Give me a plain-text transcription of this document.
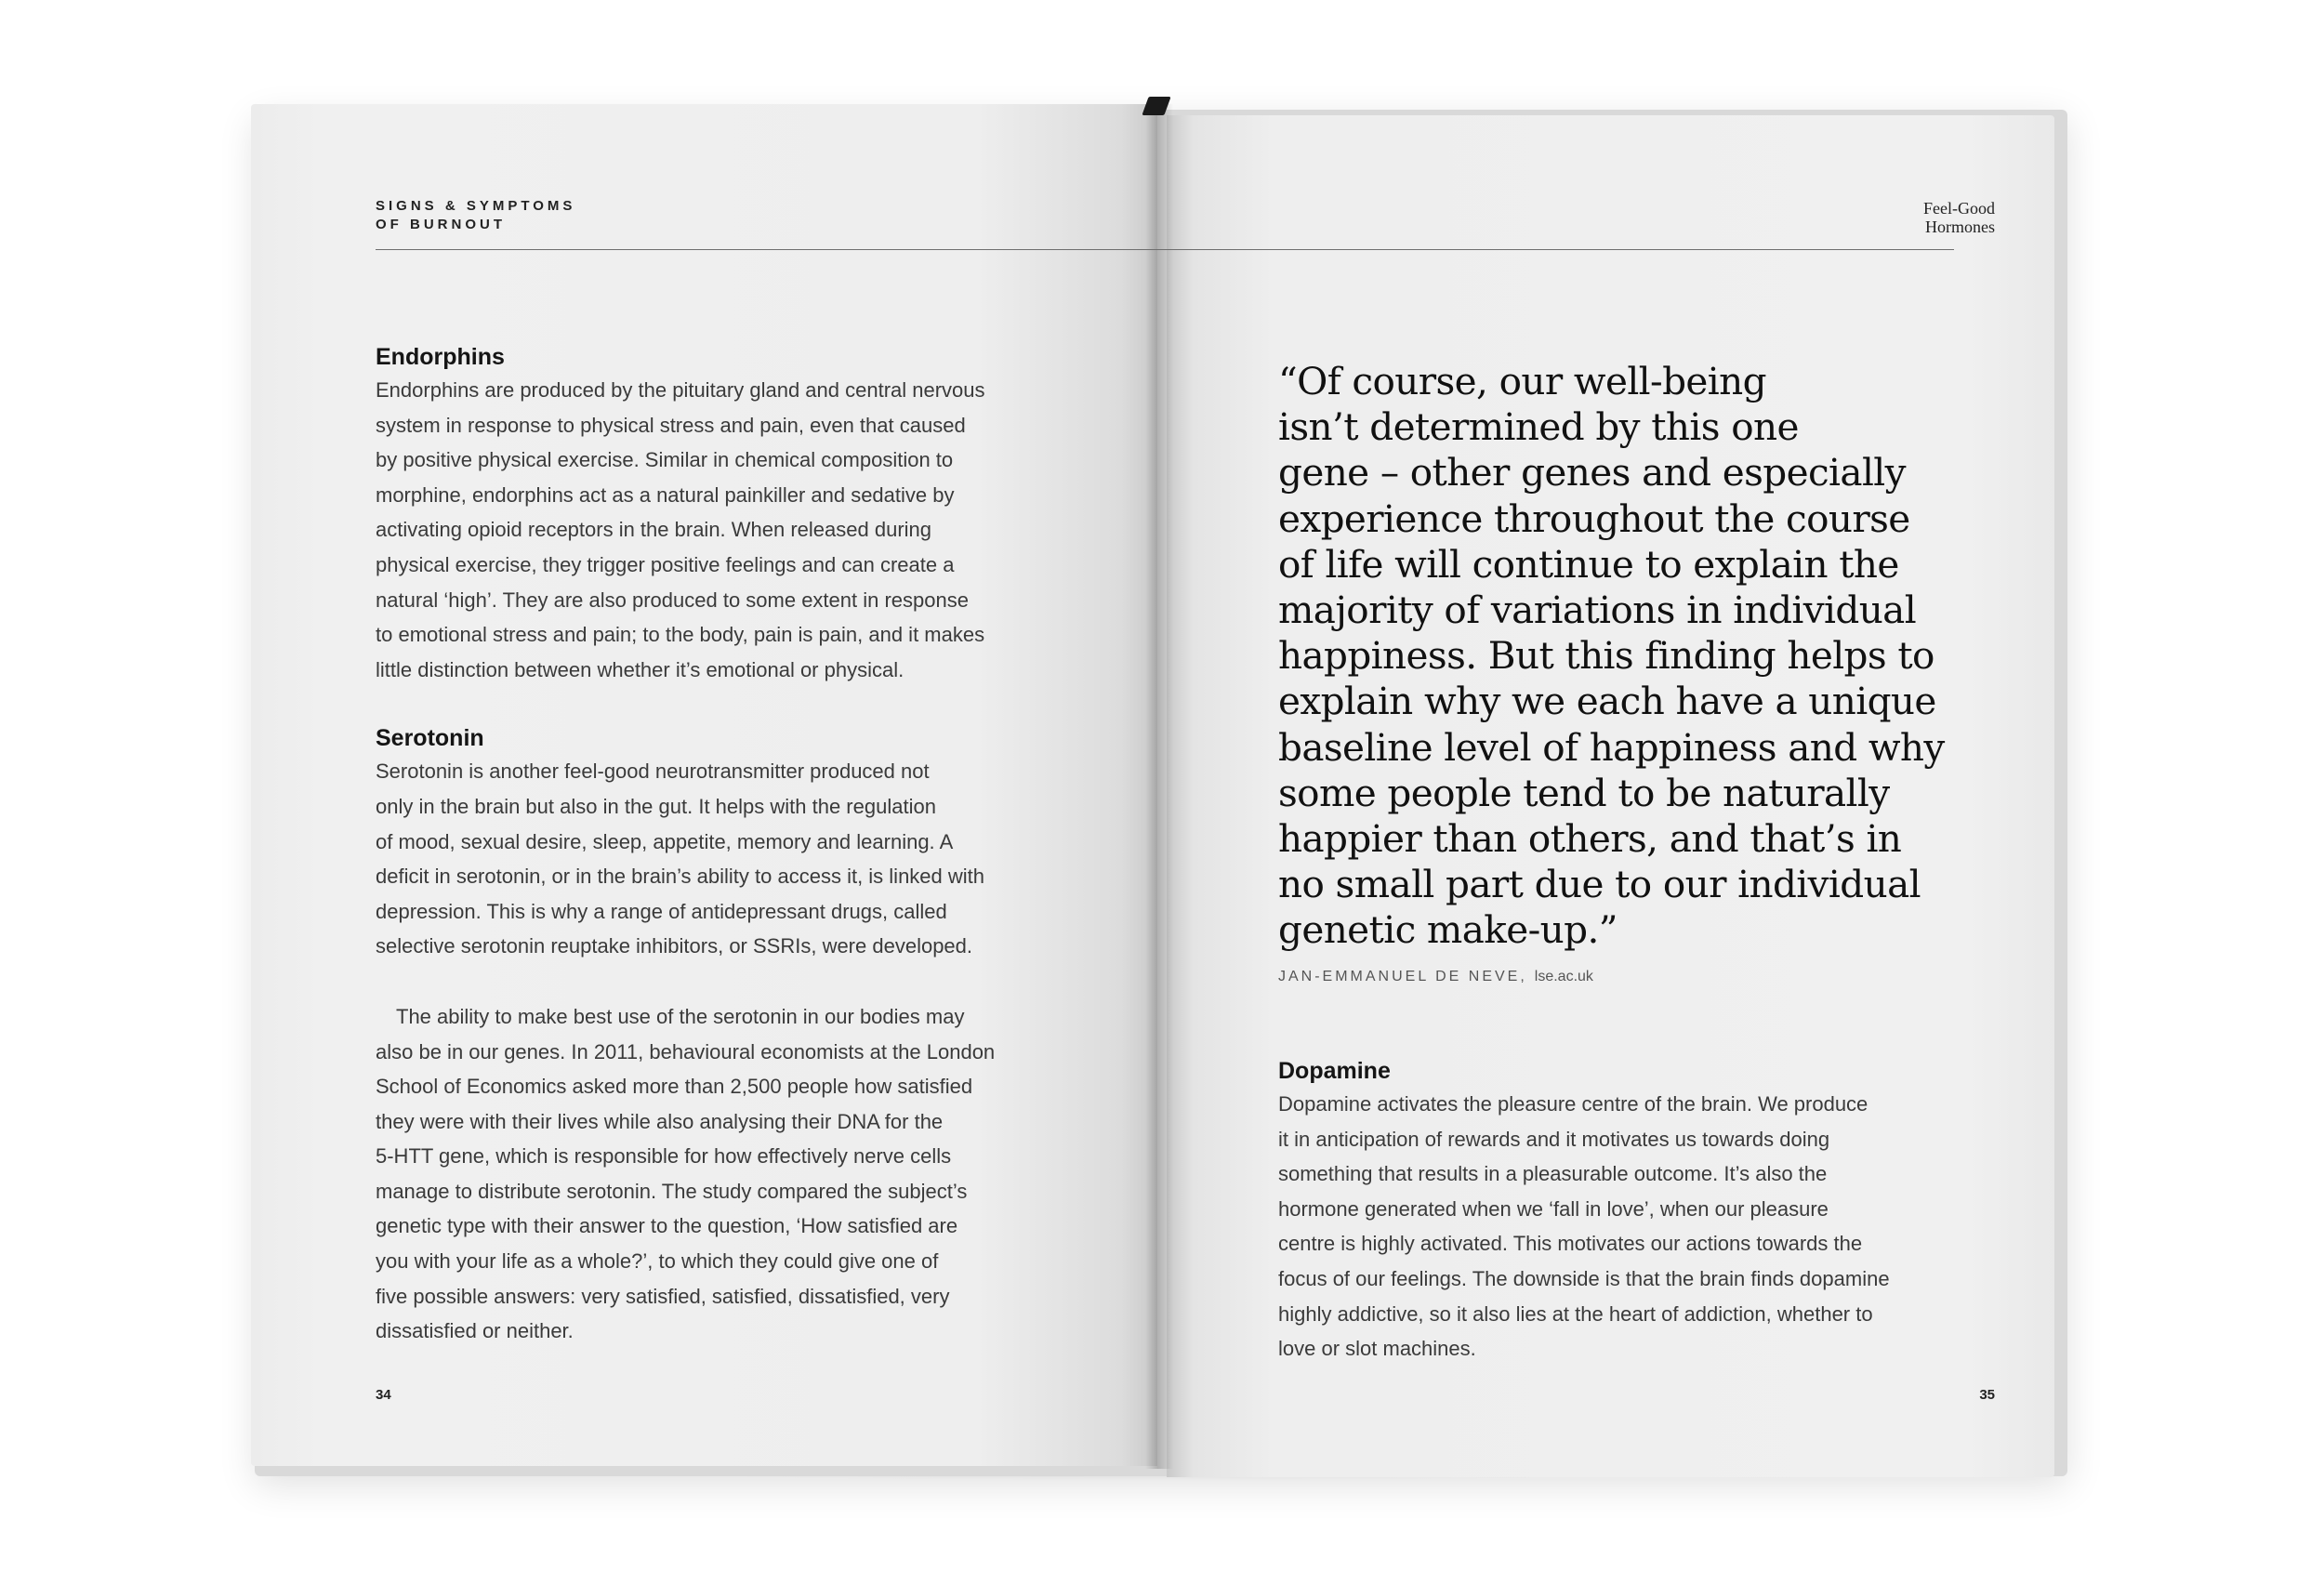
SIGNS & SYMPTOMS
OF BURNOUT
Endorphins
Endorphins are produced by the pituitary gland and central nervous
system in response to physical stress and pain, even that caused
by positive physical exercise. Similar in chemical composition to
morphine, endorphins act as a natural painkiller and sedative by
activating opioid receptors in the brain. When released during
physical exercise, they trigger positive feelings and can create a
natural ‘high’. They are also produced to some extent in response
to emotional stress and pain; to the body, pain is pain, and it makes
little distinction between whether it’s emotional or physical.
Serotonin
Serotonin is another feel-good neurotransmitter produced not
only in the brain but also in the gut. It helps with the regulation
of mood, sexual desire, sleep, appetite, memory and learning. A
deficit in serotonin, or in the brain’s ability to access it, is linked with
depression. This is why a range of antidepressant drugs, called
selective serotonin reuptake inhibitors, or SSRIs, were developed.
The ability to make best use of the serotonin in our bodies may
also be in our genes. In 2011, behavioural economists at the London
School of Economics asked more than 2,500 people how satisfied
they were with their lives while also analysing their DNA for the
5-HTT gene, which is responsible for how effectively nerve cells
manage to distribute serotonin. The study compared the subject’s
genetic type with their answer to the question, ‘How satisfied are
you with your life as a whole?’, to which they could give one of
five possible answers: very satisfied, satisfied, dissatisfied, very
dissatisfied or neither.
34
Feel-Good
Hormones
“Of course, our well-being
isn’t determined by this one
gene – other genes and especially
experience throughout the course
of life will continue to explain the
majority of variations in individual
happiness. But this finding helps to
explain why we each have a unique
baseline level of happiness and why
some people tend to be naturally
happier than others, and that’s in
no small part due to our individual
genetic make-up.”
JAN-EMMANUEL DE NEVE, lse.ac.uk
Dopamine
Dopamine activates the pleasure centre of the brain. We produce
it in anticipation of rewards and it motivates us towards doing
something that results in a pleasurable outcome. It’s also the
hormone generated when we ‘fall in love’, when our pleasure
centre is highly activated. This motivates our actions towards the
focus of our feelings. The downside is that the brain finds dopamine
highly addictive, so it also lies at the heart of addiction, whether to
love or slot machines.
35
